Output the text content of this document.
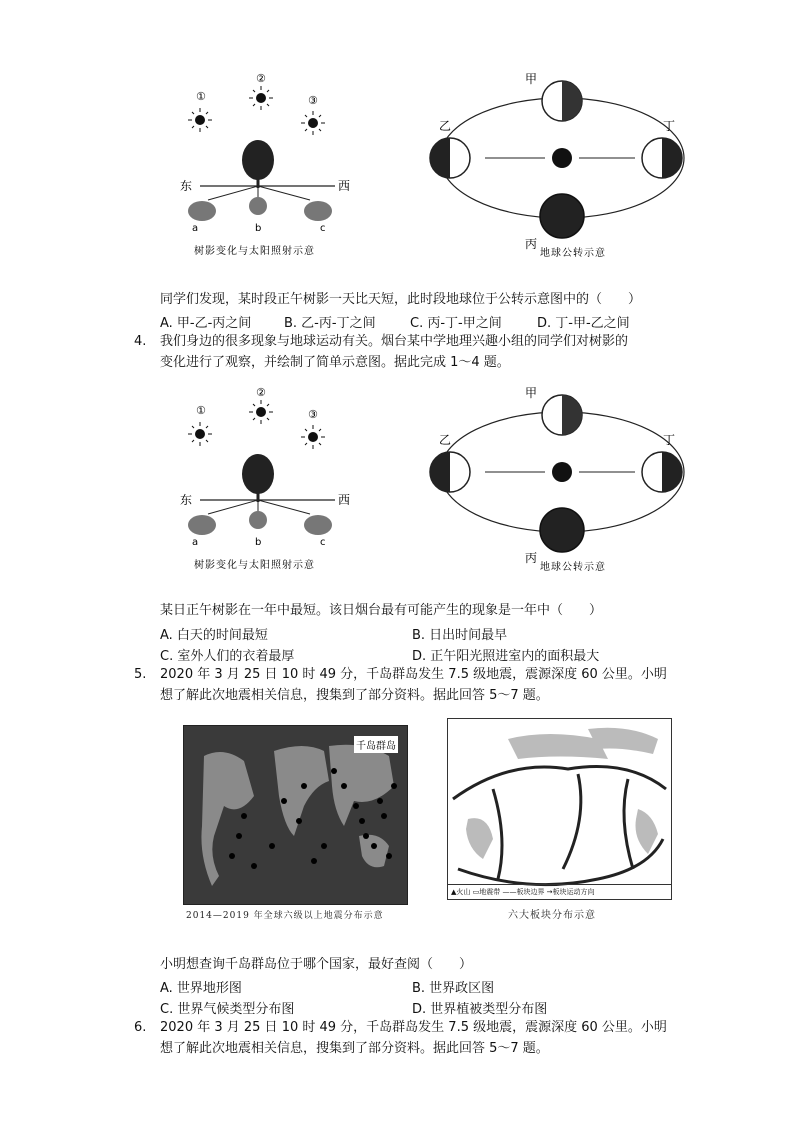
①
②
③
东	西
a	b	c
树影变化与太阳照射示意
甲
乙
丙
丁
地球公转示意
同学们发现，某时段正午树影一天比天短，此时段地球位于公转示意图中的（　　）
A. 甲-乙-丙之间	B. 乙-丙-丁之间	C. 丙-丁-甲之间	D. 丁-甲-乙之间
4. 我们身边的很多现象与地球运动有关。烟台某中学地理兴趣小组的同学们对树影的
变化进行了观察，并绘制了简单示意图。据此完成 1～4 题。
①
②
③
东	西
a	b	c
树影变化与太阳照射示意
甲
乙
丙
丁
地球公转示意
某日正午树影在一年中最短。该日烟台最有可能产生的现象是一年中（　　）
A. 白天的时间最短	B. 日出时间最早
C. 室外人们的衣着最厚	D. 正午阳光照进室内的面积最大
5. 2020 年 3 月 25 日 10 时 49 分，千岛群岛发生 7.5 级地震，震源深度 60 公里。小明
想了解此次地震相关信息，搜集到了部分资料。据此回答 5～7 题。
千岛群岛
2014—2019 年全球六级以上地震分布示意
▲火山 ▭地震带 ——板块边界 →板块运动方向
六大板块分布示意
小明想查询千岛群岛位于哪个国家，最好查阅（　　）
A. 世界地形图	B. 世界政区图
C. 世界气候类型分布图	D. 世界植被类型分布图
6. 2020 年 3 月 25 日 10 时 49 分，千岛群岛发生 7.5 级地震，震源深度 60 公里。小明
想了解此次地震相关信息，搜集到了部分资料。据此回答 5～7 题。
